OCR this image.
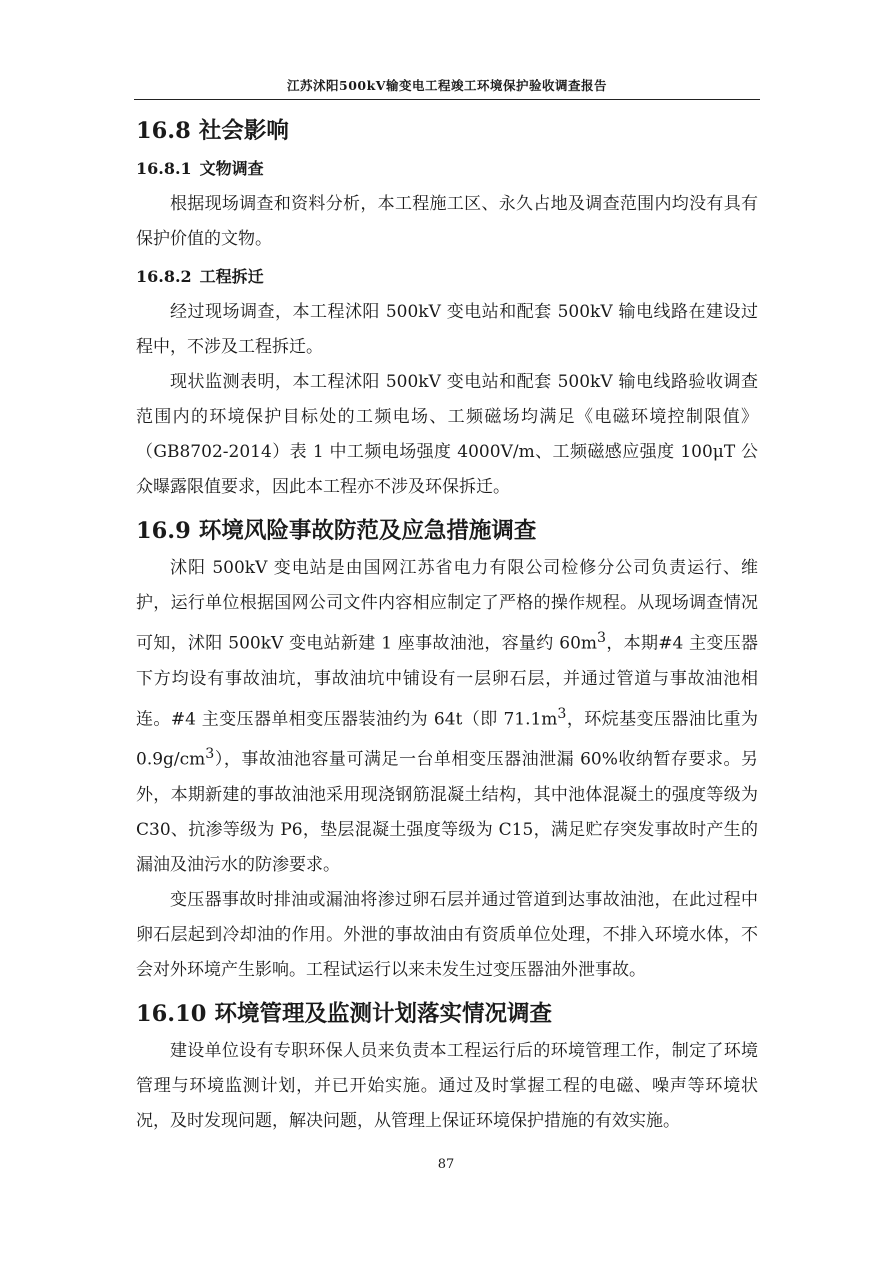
江苏沭阳500kV输变电工程竣工环境保护验收调查报告
16.8 社会影响
16.8.1 文物调查

根据现场调查和资料分析，本工程施工区、永久占地及调查范围内均没有具有保护价值的文物。

16.8.2 工程拆迁

经过现场调查，本工程沭阳 500kV 变电站和配套 500kV 输电线路在建设过程中，不涉及工程拆迁。

现状监测表明，本工程沭阳 500kV 变电站和配套 500kV 输电线路验收调查范围内的环境保护目标处的工频电场、工频磁场均满足《电磁环境控制限值》（GB8702-2014）表 1 中工频电场强度 4000V/m、工频磁感应强度 100μT 公众曝露限值要求，因此本工程亦不涉及环保拆迁。

16.9 环境风险事故防范及应急措施调查

沭阳 500kV 变电站是由国网江苏省电力有限公司检修分公司负责运行、维护，运行单位根据国网公司文件内容相应制定了严格的操作规程。从现场调查情况可知，沭阳 500kV 变电站新建 1 座事故油池，容量约 $60m^3$，本期#4 主变压器下方均设有事故油坑，事故油坑中铺设有一层卵石层，并通过管道与事故油池相连。#4 主变压器单相变压器装油约为 64t（即 $71.1m^3$，环烷基变压器油比重为 $0.9g/cm^3$），事故油池容量可满足一台单相变压器油泄漏 60%收纳暂存要求。另外，本期新建的事故油池采用现浇钢筋混凝土结构，其中池体混凝土的强度等级为 C30、抗渗等级为 P6，垫层混凝土强度等级为 C15，满足贮存突发事故时产生的漏油及油污水的防渗要求。

变压器事故时排油或漏油将渗过卵石层并通过管道到达事故油池，在此过程中卵石层起到冷却油的作用。外泄的事故油由有资质单位处理，不排入环境水体，不会对外环境产生影响。工程试运行以来未发生过变压器油外泄事故。

16.10 环境管理及监测计划落实情况调查

建设单位设有专职环保人员来负责本工程运行后的环境管理工作，制定了环境管理与环境监测计划，并已开始实施。通过及时掌握工程的电磁、噪声等环境状况，及时发现问题，解决问题，从管理上保证环境保护措施的有效实施。

87
